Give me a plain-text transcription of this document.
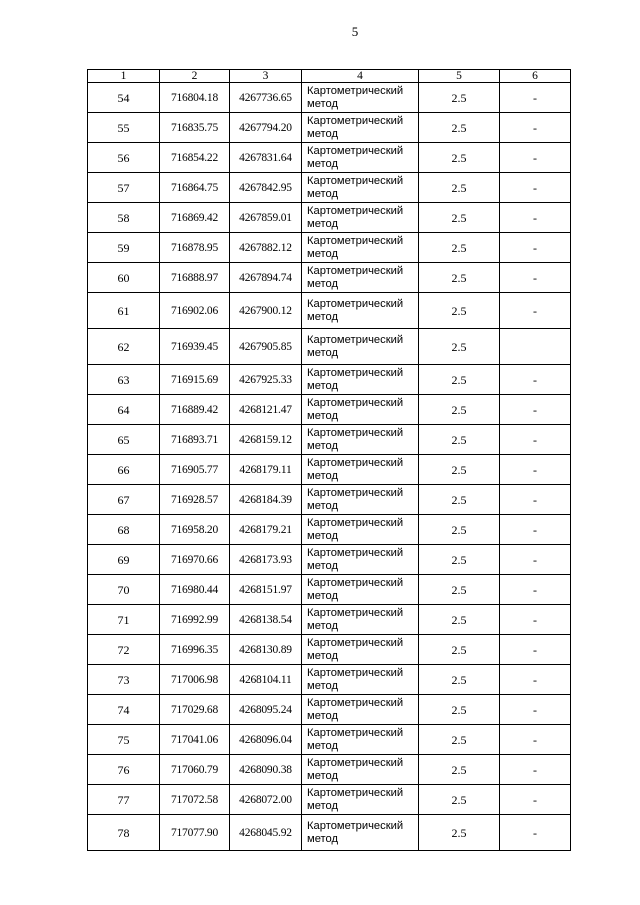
5
1	2	3	4	5	6
54	716804.18	4267736.65	Картометрический
метод	2.5	-
55	716835.75	4267794.20	Картометрический
метод	2.5	-
56	716854.22	4267831.64	Картометрический
метод	2.5	-
57	716864.75	4267842.95	Картометрический
метод	2.5	-
58	716869.42	4267859.01	Картометрический
метод	2.5	-
59	716878.95	4267882.12	Картометрический
метод	2.5	-
60	716888.97	4267894.74	Картометрический
метод	2.5	-
61	716902.06	4267900.12	Картометрический
метод	2.5	-
62	716939.45	4267905.85	Картометрический
метод	2.5	
63	716915.69	4267925.33	Картометрический
метод	2.5	-
64	716889.42	4268121.47	Картометрический
метод	2.5	-
65	716893.71	4268159.12	Картометрический
метод	2.5	-
66	716905.77	4268179.11	Картометрический
метод	2.5	-
67	716928.57	4268184.39	Картометрический
метод	2.5	-
68	716958.20	4268179.21	Картометрический
метод	2.5	-
69	716970.66	4268173.93	Картометрический
метод	2.5	-
70	716980.44	4268151.97	Картометрический
метод	2.5	-
71	716992.99	4268138.54	Картометрический
метод	2.5	-
72	716996.35	4268130.89	Картометрический
метод	2.5	-
73	717006.98	4268104.11	Картометрический
метод	2.5	-
74	717029.68	4268095.24	Картометрический
метод	2.5	-
75	717041.06	4268096.04	Картометрический
метод	2.5	-
76	717060.79	4268090.38	Картометрический
метод	2.5	-
77	717072.58	4268072.00	Картометрический
метод	2.5	-
78	717077.90	4268045.92	Картометрический
метод	2.5	-
